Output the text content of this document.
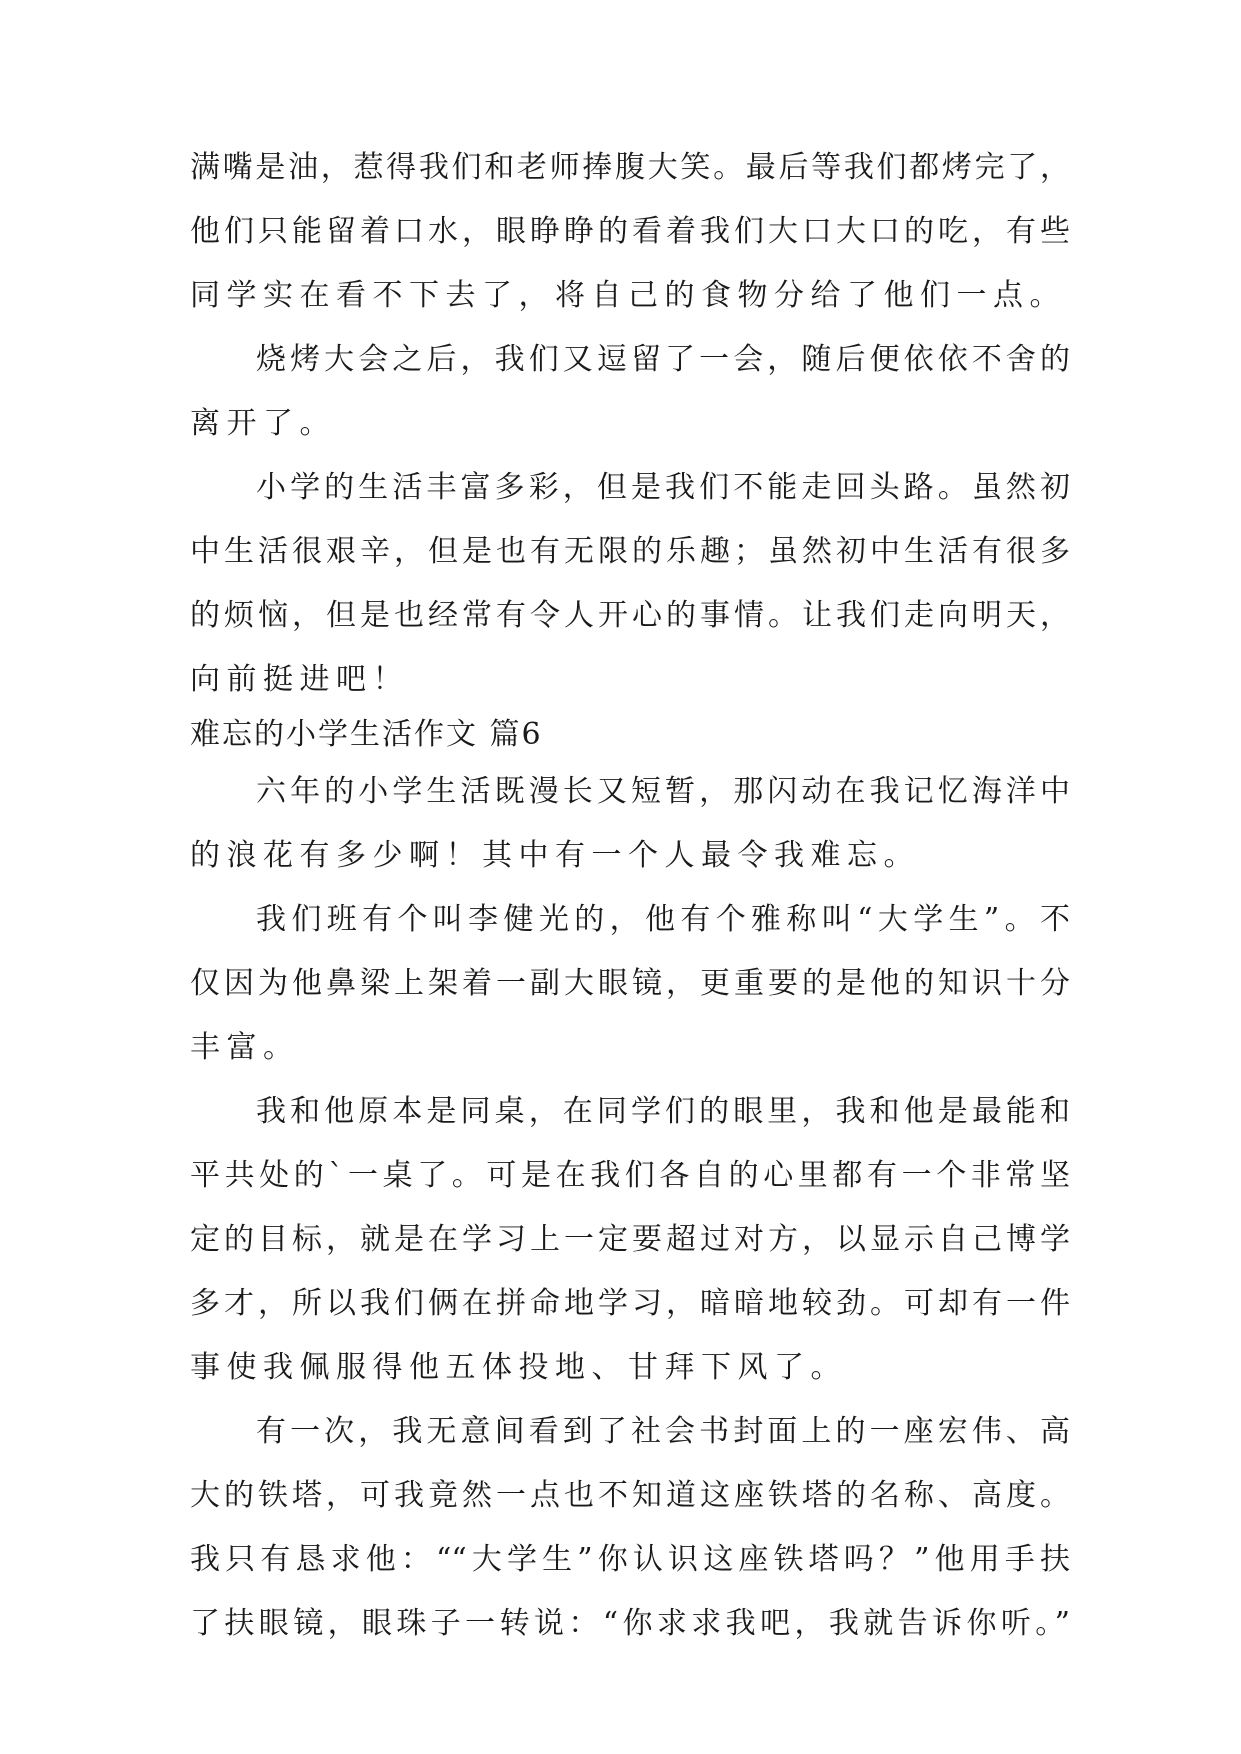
满嘴是油，惹得我们和老师捧腹大笑。最后等我们都烤完了，
他们只能留着口水，眼睁睁的看着我们大口大口的吃，有些
同学实在看不下去了，将自己的食物分给了他们一点。
烧烤大会之后，我们又逗留了一会，随后便依依不舍的
离开了。
小学的生活丰富多彩，但是我们不能走回头路。虽然初
中生活很艰辛，但是也有无限的乐趣；虽然初中生活有很多
的烦恼，但是也经常有令人开心的事情。让我们走向明天，
向前挺进吧！
难忘的小学生活作文 篇6
六年的小学生活既漫长又短暂，那闪动在我记忆海洋中
的浪花有多少啊！其中有一个人最令我难忘。
我们班有个叫李健光的，他有个雅称叫“大学生”。不
仅因为他鼻梁上架着一副大眼镜，更重要的是他的知识十分
丰富。
我和他原本是同桌，在同学们的眼里，我和他是最能和
平共处的`一桌了。可是在我们各自的心里都有一个非常坚
定的目标，就是在学习上一定要超过对方，以显示自己博学
多才，所以我们俩在拼命地学习，暗暗地较劲。可却有一件
事使我佩服得他五体投地、甘拜下风了。
有一次，我无意间看到了社会书封面上的一座宏伟、高
大的铁塔，可我竟然一点也不知道这座铁塔的名称、高度。
我只有恳求他：““大学生”你认识这座铁塔吗？”他用手扶
了扶眼镜，眼珠子一转说：“你求求我吧，我就告诉你听。”
